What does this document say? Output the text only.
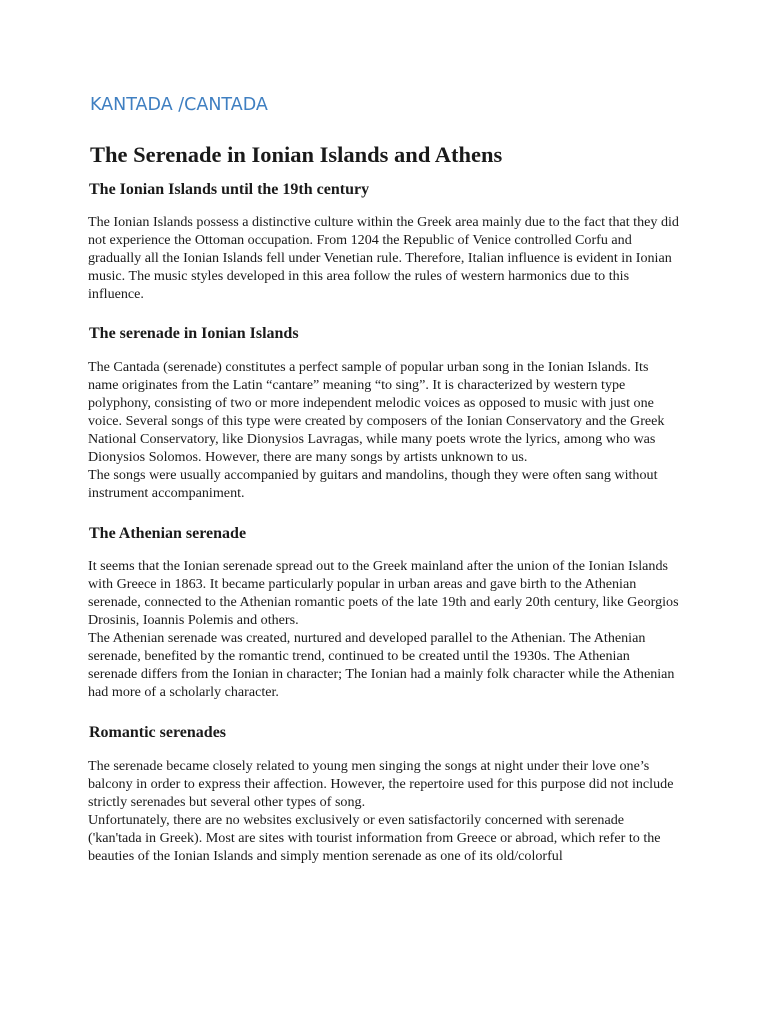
KANTADA /CANTADA
The Serenade in Ionian Islands and Athens
The Ionian Islands until the 19th century

The Ionian Islands possess a distinctive culture within the Greek area mainly due to the fact that they did not experience the Ottoman occupation. From 1204 the Republic of Venice controlled Corfu and gradually all the Ionian Islands fell under Venetian rule. Therefore, Italian influence is evident in Ionian music. The music styles developed in this area follow the rules of western harmonics due to this influence.

The serenade in Ionian Islands

The Cantada (serenade) constitutes a perfect sample of popular urban song in the Ionian Islands. Its name originates from the Latin “cantare” meaning “to sing”. It is characterized by western type polyphony, consisting of two or more independent melodic voices as opposed to music with just one voice. Several songs of this type were created by composers of the Ionian Conservatory and the Greek National Conservatory, like Dionysios Lavragas, while many poets wrote the lyrics, among who was Dionysios Solomos. However, there are many songs by artists unknown to us.

The songs were usually accompanied by guitars and mandolins, though they were often sang without instrument accompaniment.

The Athenian serenade

It seems that the Ionian serenade spread out to the Greek mainland after the union of the Ionian Islands with Greece in 1863. It became particularly popular in urban areas and gave birth to the Athenian serenade, connected to the Athenian romantic poets of the late 19th and early 20th century, like Georgios Drosinis, Ioannis Polemis and others.

The Athenian serenade was created, nurtured and developed parallel to the Athenian. The Athenian serenade, benefited by the romantic trend, continued to be created until the 1930s. The Athenian serenade differs from the Ionian in character; The Ionian had a mainly folk character while the Athenian had more of a scholarly character.

Romantic serenades

The serenade became closely related to young men singing the songs at night under their love one’s balcony in order to express their affection. However, the repertoire used for this purpose did not include strictly serenades but several other types of song.

Unfortunately, there are no websites exclusively or even satisfactorily concerned with serenade ('kan'tada in Greek). Most are sites with tourist information from Greece or abroad, which refer to the beauties of the Ionian Islands and simply mention serenade as one of its old/colorful
